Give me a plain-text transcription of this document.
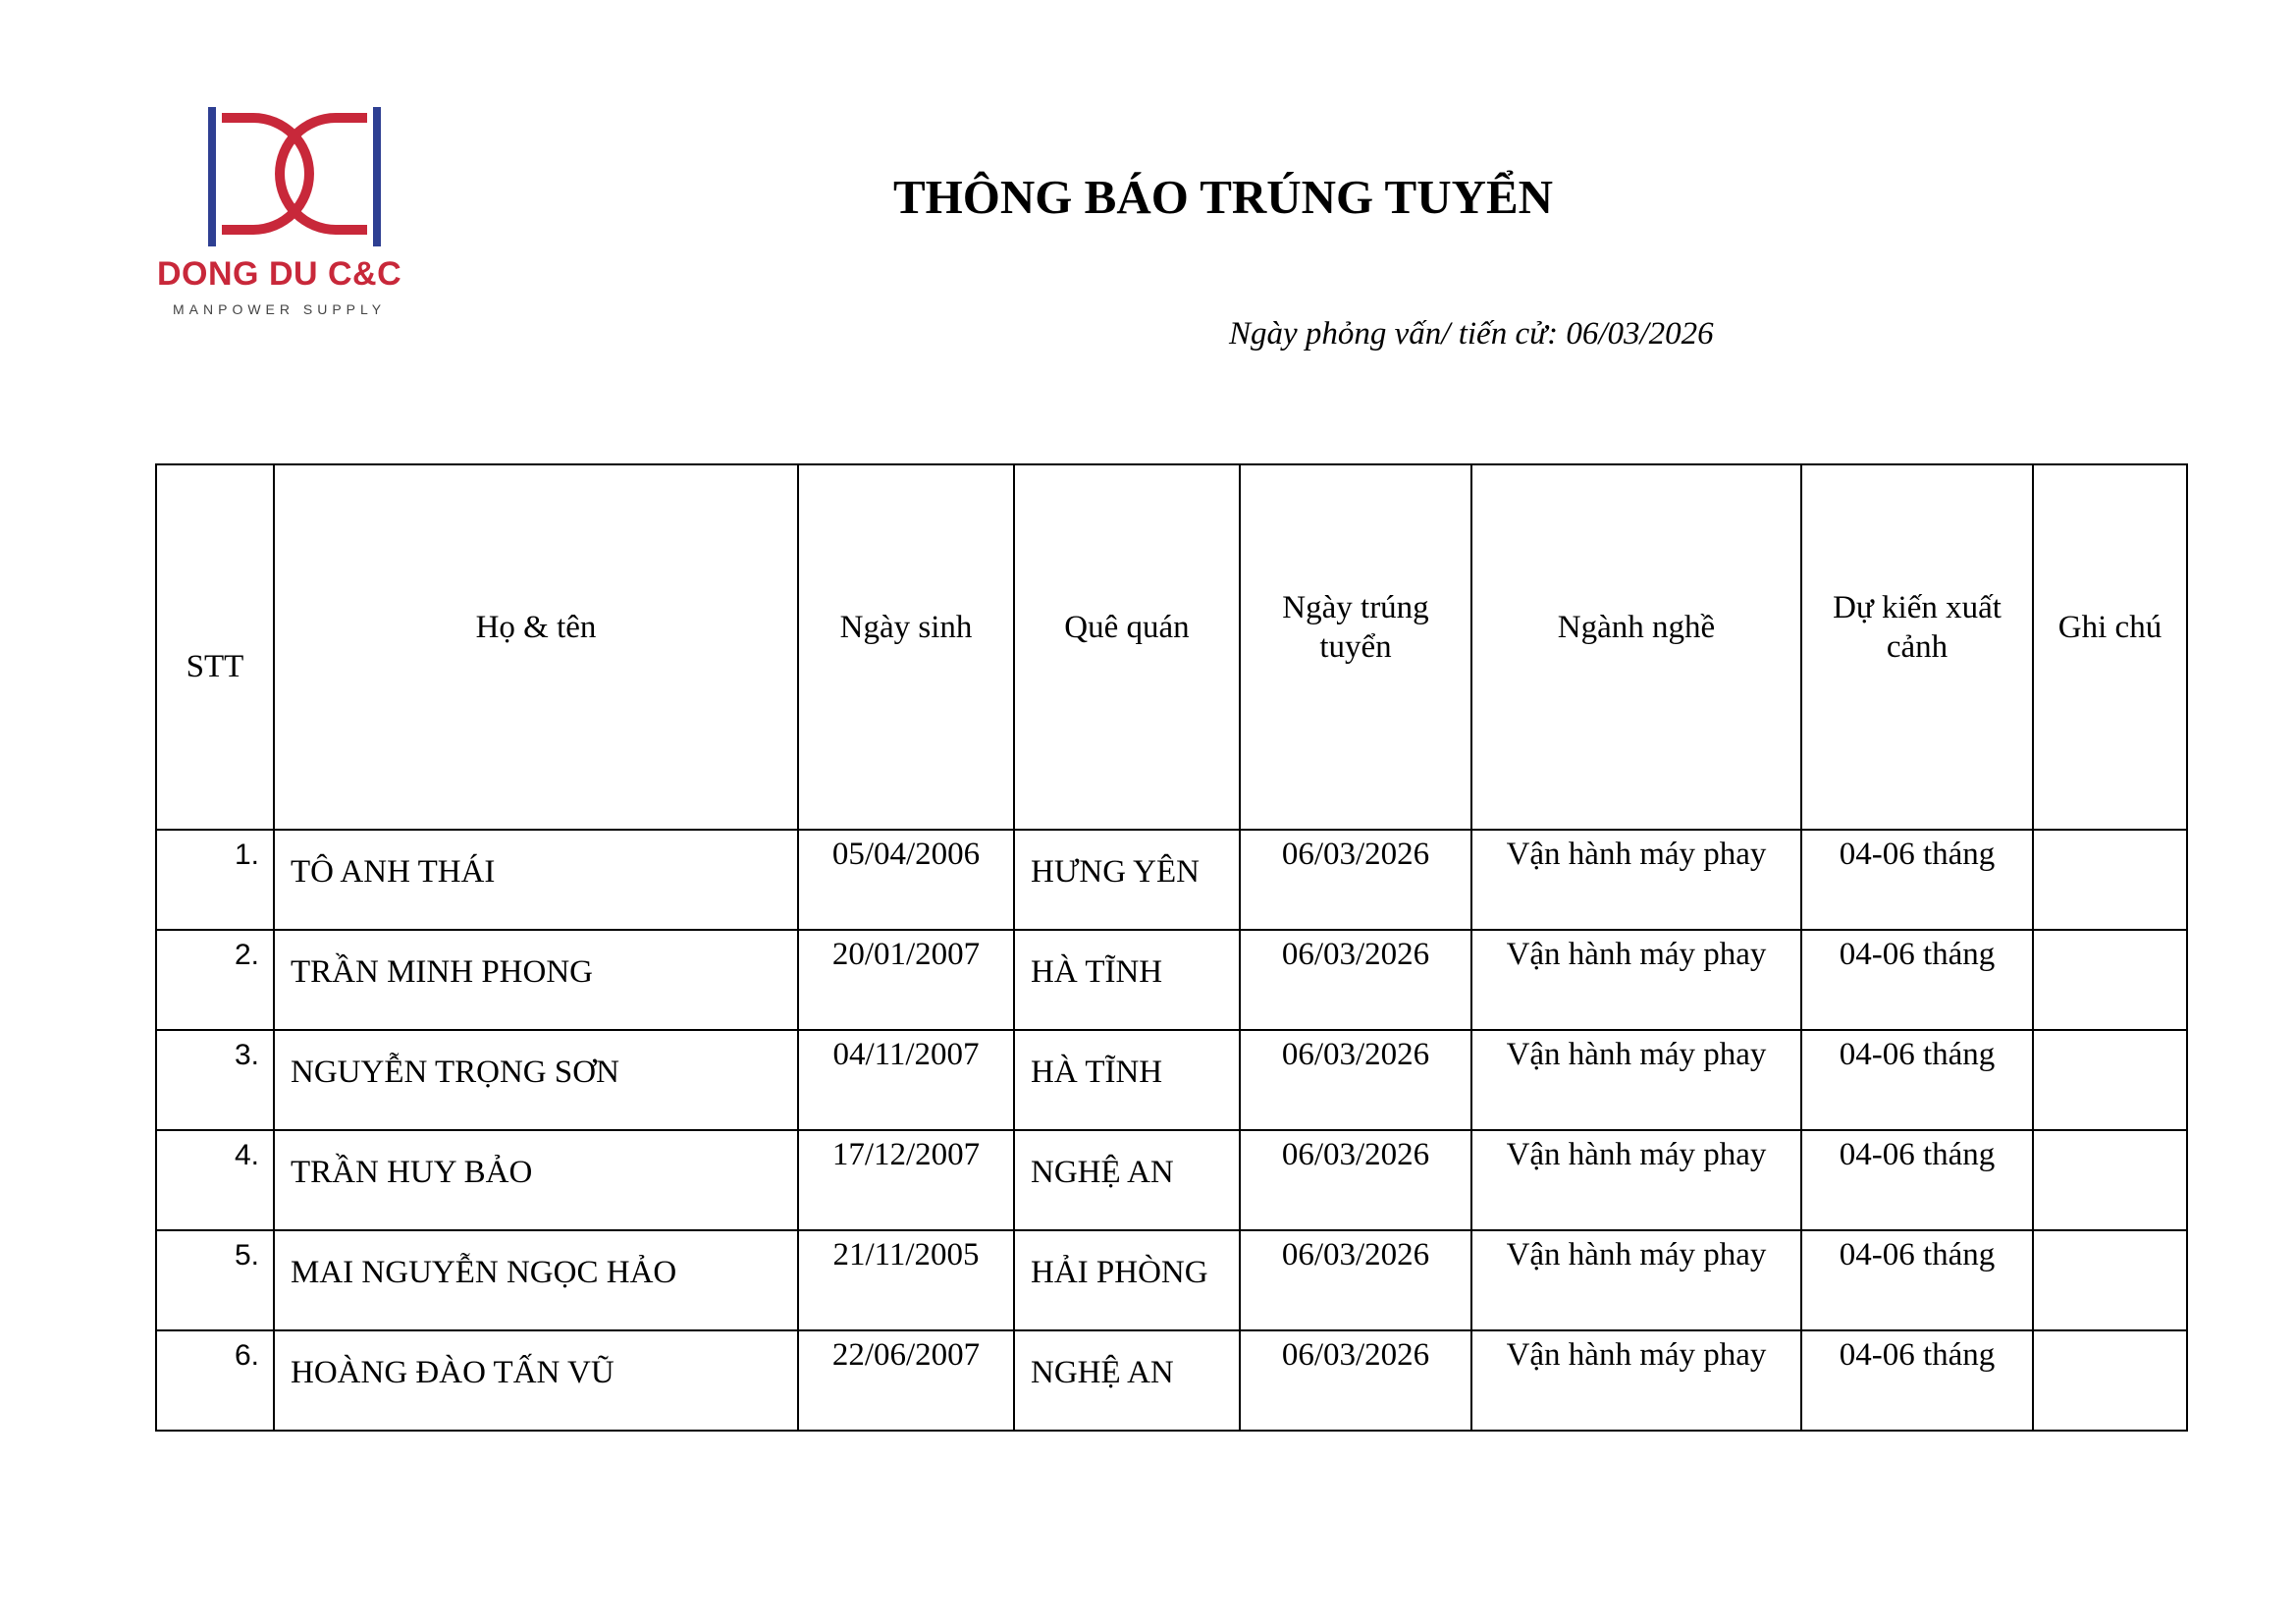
DONG DU C&C
MANPOWER SUPPLY
THÔNG BÁO TRÚNG TUYỂN
Ngày phỏng vấn/ tiến cử: 06/03/2026
STT	Họ & tên	Ngày sinh	Quê quán	Ngày trúng tuyển	Ngành nghề	Dự kiến xuất cảnh	Ghi chú
1.	TÔ ANH THÁI	05/04/2006	HƯNG YÊN	06/03/2026	Vận hành máy phay	04-06 tháng	
2.	TRẦN MINH PHONG	20/01/2007	HÀ TĨNH	06/03/2026	Vận hành máy phay	04-06 tháng	
3.	NGUYỄN TRỌNG SƠN	04/11/2007	HÀ TĨNH	06/03/2026	Vận hành máy phay	04-06 tháng	
4.	TRẦN HUY BẢO	17/12/2007	NGHỆ AN	06/03/2026	Vận hành máy phay	04-06 tháng	
5.	MAI NGUYỄN NGỌC HẢO	21/11/2005	HẢI PHÒNG	06/03/2026	Vận hành máy phay	04-06 tháng	
6.	HOÀNG ĐÀO TẤN VŨ	22/06/2007	NGHỆ AN	06/03/2026	Vận hành máy phay	04-06 tháng	
